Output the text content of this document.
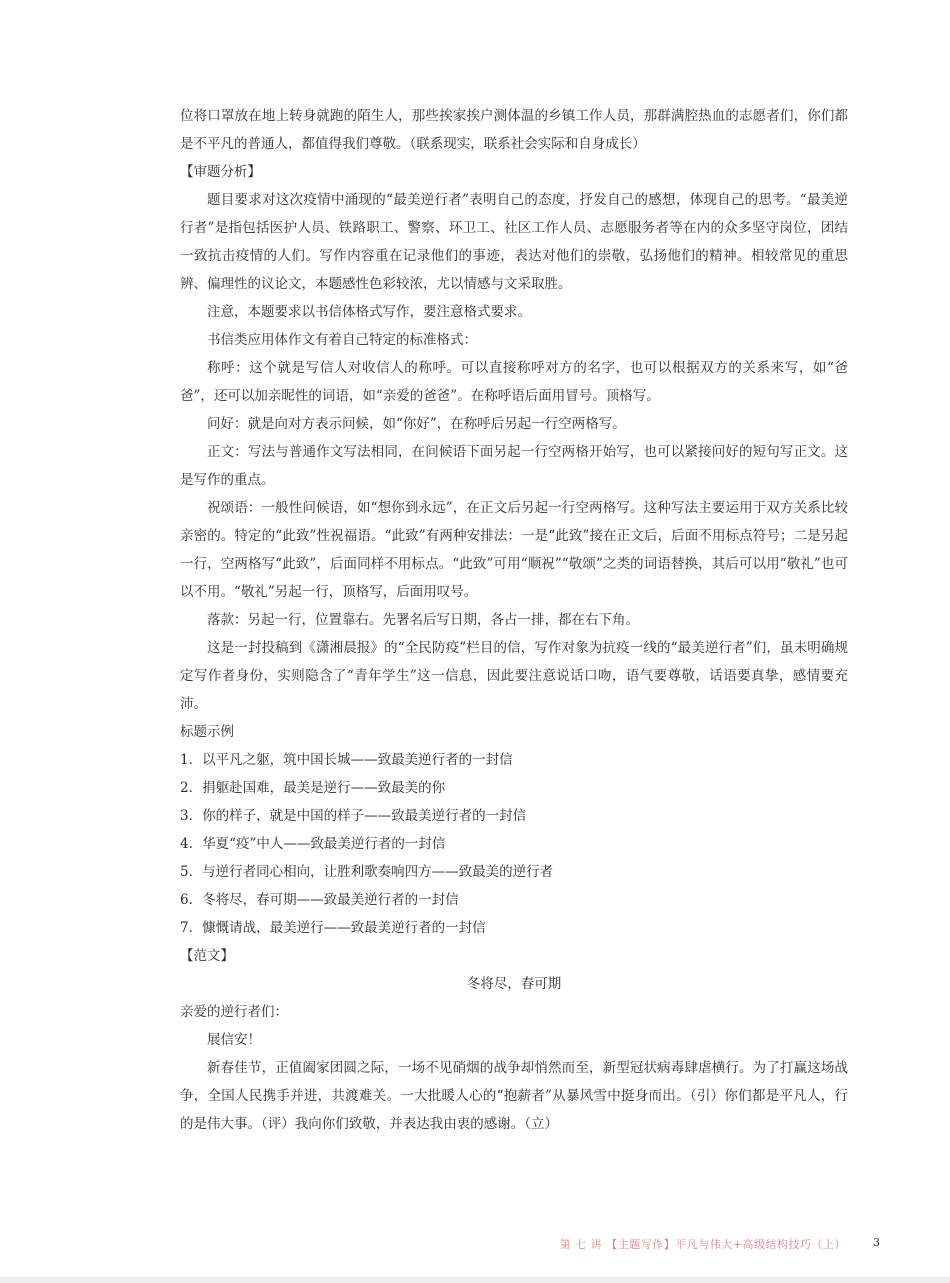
位将口罩放在地上转身就跑的陌生人，那些挨家挨户测体温的乡镇工作人员，那群满腔热血的志愿者们，你们都是不平凡的普通人，都值得我们尊敬。（联系现实，联系社会实际和自身成长）

【审题分析】

题目要求对这次疫情中涌现的“最美逆行者”表明自己的态度，抒发自己的感想，体现自己的思考。“最美逆行者”是指包括医护人员、铁路职工、警察、环卫工、社区工作人员、志愿服务者等在内的众多坚守岗位，团结一致抗击疫情的人们。写作内容重在记录他们的事迹，表达对他们的崇敬，弘扬他们的精神。相较常见的重思辨、偏理性的议论文，本题感性色彩较浓，尤以情感与文采取胜。

注意，本题要求以书信体格式写作，要注意格式要求。

书信类应用体作文有着自己特定的标准格式：

称呼：这个就是写信人对收信人的称呼。可以直接称呼对方的名字，也可以根据双方的关系来写，如“爸爸”，还可以加亲昵性的词语，如“亲爱的爸爸”。在称呼语后面用冒号。顶格写。

问好：就是向对方表示问候，如“你好”，在称呼后另起一行空两格写。

正文：写法与普通作文写法相同，在问候语下面另起一行空两格开始写，也可以紧接问好的短句写正文。这是写作的重点。

祝颂语：一般性问候语，如“想你到永远”，在正文后另起一行空两格写。这种写法主要运用于双方关系比较亲密的。特定的“此致”性祝福语。“此致”有两种安排法：一是“此致”接在正文后，后面不用标点符号；二是另起一行，空两格写“此致”，后面同样不用标点。“此致”可用“顺祝”“敬颂”之类的词语替换，其后可以用“敬礼”也可以不用。“敬礼”另起一行，顶格写，后面用叹号。

落款：另起一行，位置靠右。先署名后写日期，各占一排，都在右下角。

这是一封投稿到《潇湘晨报》的“全民防疫”栏目的信，写作对象为抗疫一线的“最美逆行者”们，虽未明确规定写作者身份，实则隐含了“青年学生”这一信息，因此要注意说话口吻，语气要尊敬，话语要真挚，感情要充沛。

标题示例

1．以平凡之躯，筑中国长城——致最美逆行者的一封信

2．捐躯赴国难，最美是逆行——致最美的你

3．你的样子，就是中国的样子——致最美逆行者的一封信

4．华夏“疫”中人——致最美逆行者的一封信

5．与逆行者同心相向，让胜利歌奏响四方——致最美的逆行者

6．冬将尽，春可期——致最美逆行者的一封信

7．慷慨请战，最美逆行——致最美逆行者的一封信

【范文】

冬将尽，春可期

亲爱的逆行者们：

展信安！

新春佳节，正值阖家团圆之际，一场不见硝烟的战争却悄然而至，新型冠状病毒肆虐横行。为了打赢这场战争，全国人民携手并进，共渡难关。一大批暖人心的“抱薪者”从暴风雪中挺身而出。（引）你们都是平凡人，行的是伟大事。（评）我向你们致敬，并表达我由衷的感谢。（立）

第 七 讲 【主题写作】平凡与伟大+高级结构技巧（上） 3
